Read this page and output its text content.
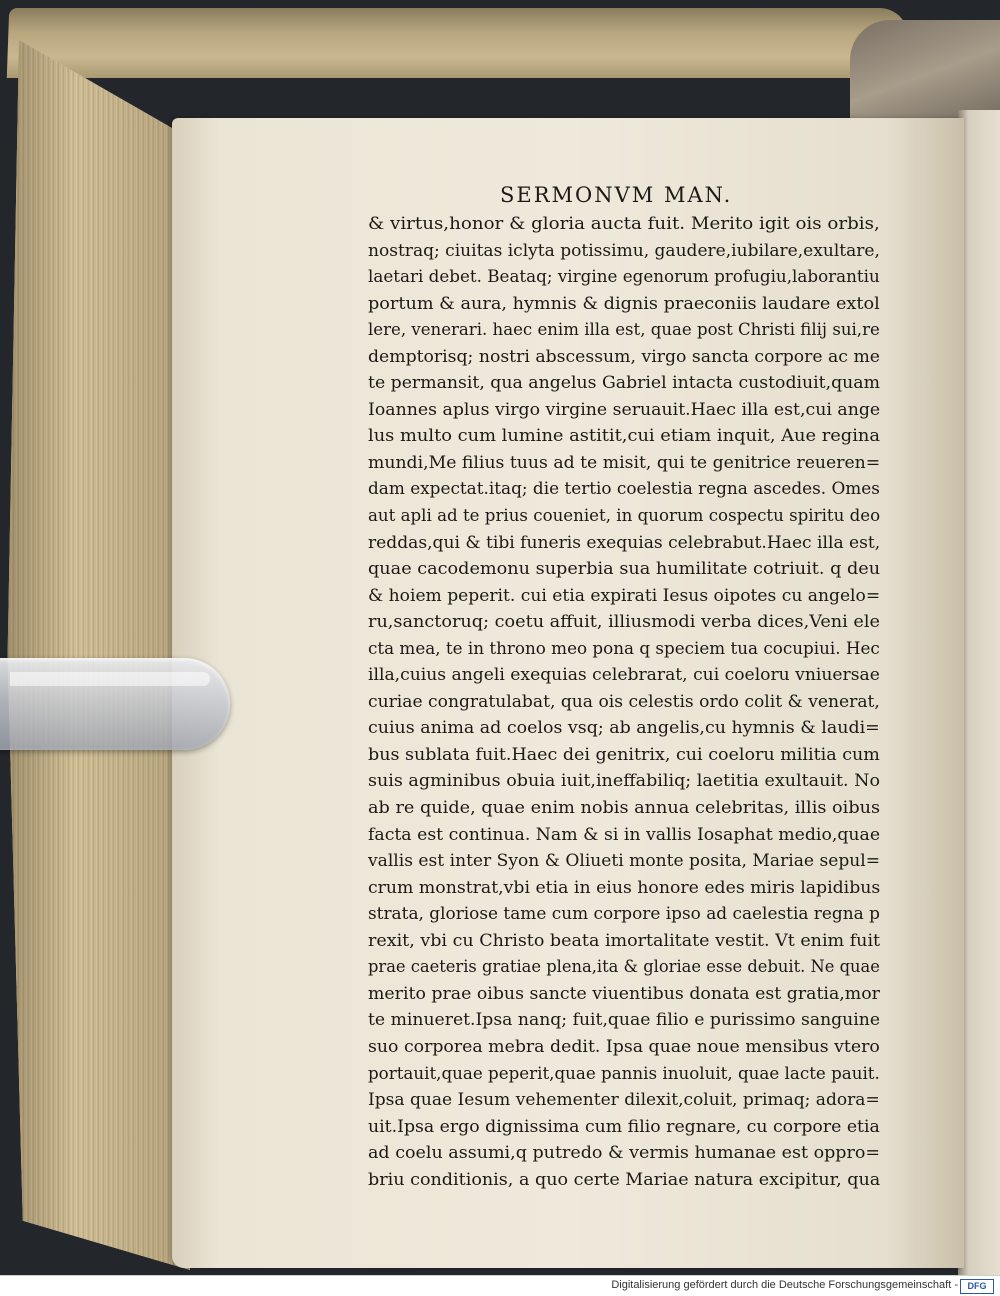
SERMONVM MAN.
& virtus,honor & gloria aucta fuit. Merito igit ois orbis,
nostraq; ciuitas iclyta potissimu, gaudere,iubilare,exultare,
laetari debet. Beataq; virgine egenorum profugiu,laborantiu
portum & aura, hymnis & dignis praeconiis laudare extol
lere, venerari. haec enim illa est, quae post Christi filij sui,re
demptorisq; nostri abscessum, virgo sancta corpore ac me
te permansit, qua angelus Gabriel intacta custodiuit,quam
Ioannes aplus virgo virgine seruauit.Haec illa est,cui ange
lus multo cum lumine astitit,cui etiam inquit, Aue regina
mundi,Me filius tuus ad te misit, qui te genitrice reueren=
dam expectat.itaq; die tertio coelestia regna ascedes. Omes
aut apli ad te prius coueniet, in quorum cospectu spiritu deo
reddas,qui & tibi funeris exequias celebrabut.Haec illa est,
quae cacodemonu superbia sua humilitate cotriuit. q deu
& hoiem peperit. cui etia expirati Iesus oipotes cu angelo=
ru,sanctoruq; coetu affuit, illiusmodi verba dices,Veni ele
cta mea, te in throno meo pona q speciem tua cocupiui. Hec
illa,cuius angeli exequias celebrarat, cui coeloru vniuersae
curiae congratulabat, qua ois celestis ordo colit & venerat,
cuius anima ad coelos vsq; ab angelis,cu hymnis & laudi=
bus sublata fuit.Haec dei genitrix, cui coeloru militia cum
suis agminibus obuia iuit,ineffabiliq; laetitia exultauit. No
ab re quide, quae enim nobis annua celebritas, illis oibus
facta est continua. Nam & si in vallis Iosaphat medio,quae
vallis est inter Syon & Oliueti monte posita, Mariae sepul=
crum monstrat,vbi etia in eius honore edes miris lapidibus
strata, gloriose tame cum corpore ipso ad caelestia regna p
rexit, vbi cu Christo beata imortalitate vestit. Vt enim fuit
prae caeteris gratiae plena,ita & gloriae esse debuit. Ne quae
merito prae oibus sancte viuentibus donata est gratia,mor
te minueret.Ipsa nanq; fuit,quae filio e purissimo sanguine
suo corporea mebra dedit. Ipsa quae noue mensibus vtero
portauit,quae peperit,quae pannis inuoluit, quae lacte pauit.
Ipsa quae Iesum vehementer dilexit,coluit, primaq; adora=
uit.Ipsa ergo dignissima cum filio regnare, cu corpore etia
ad coelu assumi,q putredo & vermis humanae est oppro=
briu conditionis, a quo certe Mariae natura excipitur, qua
Digitalisierung gefördert durch die Deutsche Forschungsgemeinschaft -	DFG
